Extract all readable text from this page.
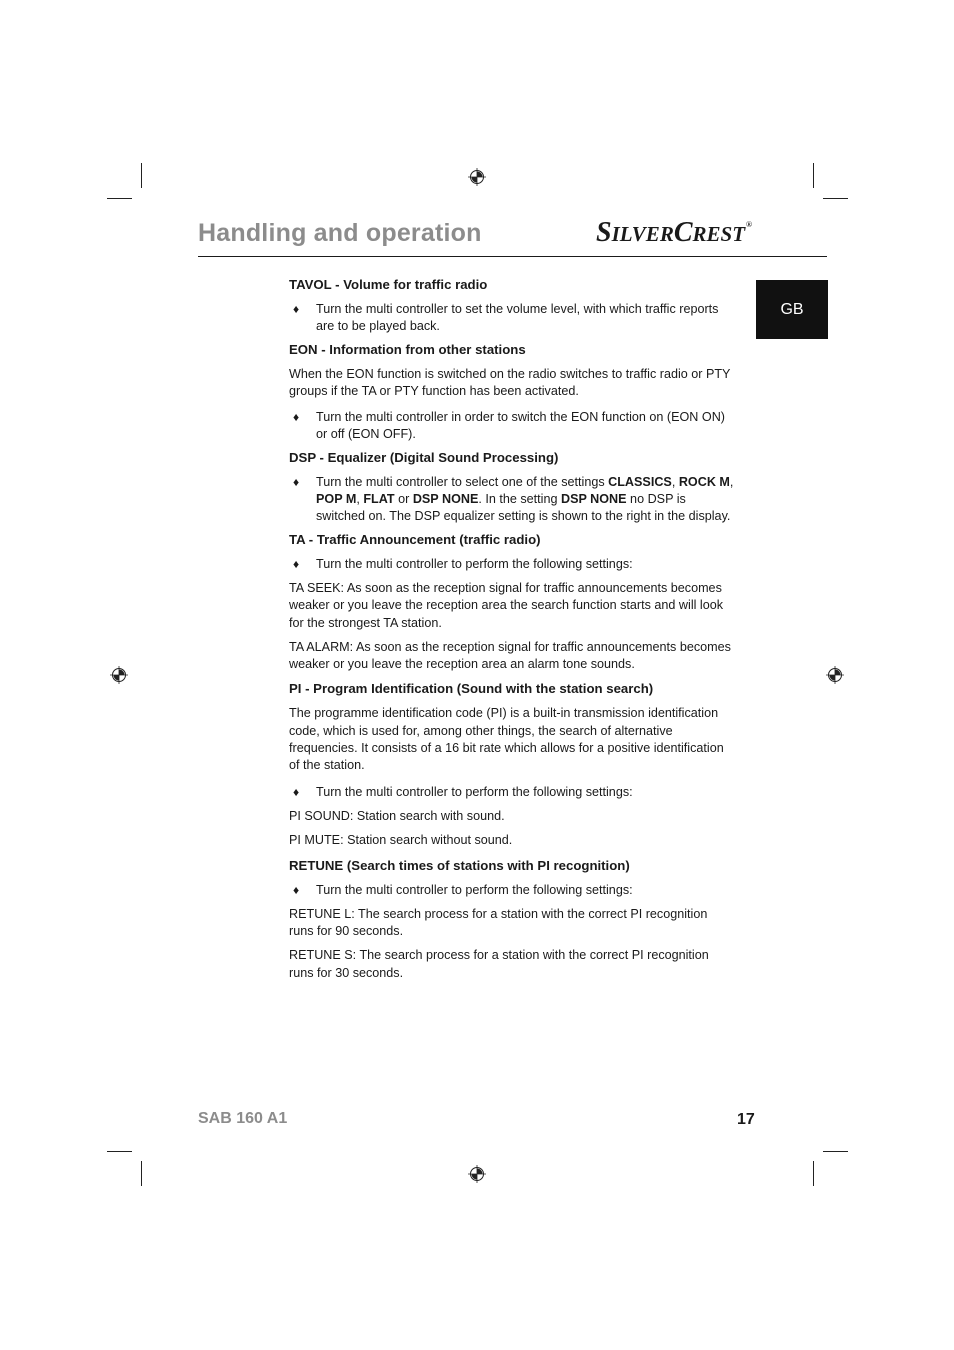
Handling and operation	SILVERCREST®
GB
TAVOL - Volume for traffic radio
♦ Turn the multi controller to set the volume level, with which traffic reports are to be played back.
EON - Information from other stations

When the EON function is switched on the radio switches to traffic radio or PTY groups if the TA or PTY function has been activated.

♦ Turn the multi controller in order to switch the EON function on (EON ON) or off (EON OFF).
DSP - Equalizer (Digital Sound Processing)
♦ Turn the multi controller to select one of the settings CLASSICS, ROCK M, POP M, FLAT or DSP NONE. In the setting DSP NONE no DSP is switched on. The DSP equalizer setting is shown to the right in the display.
TA - Traffic Announcement (traffic radio)
♦ Turn the multi controller to perform the following settings:

TA SEEK: As soon as the reception signal for traffic announcements becomes weaker or you leave the reception area the search function starts and will look for the strongest TA station.

TA ALARM: As soon as the reception signal for traffic announcements becomes weaker or you leave the reception area an alarm tone sounds.

PI - Program Identification (Sound with the station search)

The programme identification code (PI) is a built-in transmission identification code, which is used for, among other things, the search of alternative frequencies. It consists of a 16 bit rate which allows for a positive identification of the station.

♦ Turn the multi controller to perform the following settings:

PI SOUND: Station search with sound.

PI MUTE: Station search without sound.

RETUNE (Search times of stations with PI recognition)
♦ Turn the multi controller to perform the following settings:

RETUNE L: The search process for a station with the correct PI recognition runs for 90 seconds.

RETUNE S: The search process for a station with the correct PI recognition runs for 30 seconds.

SAB 160 A1	17
